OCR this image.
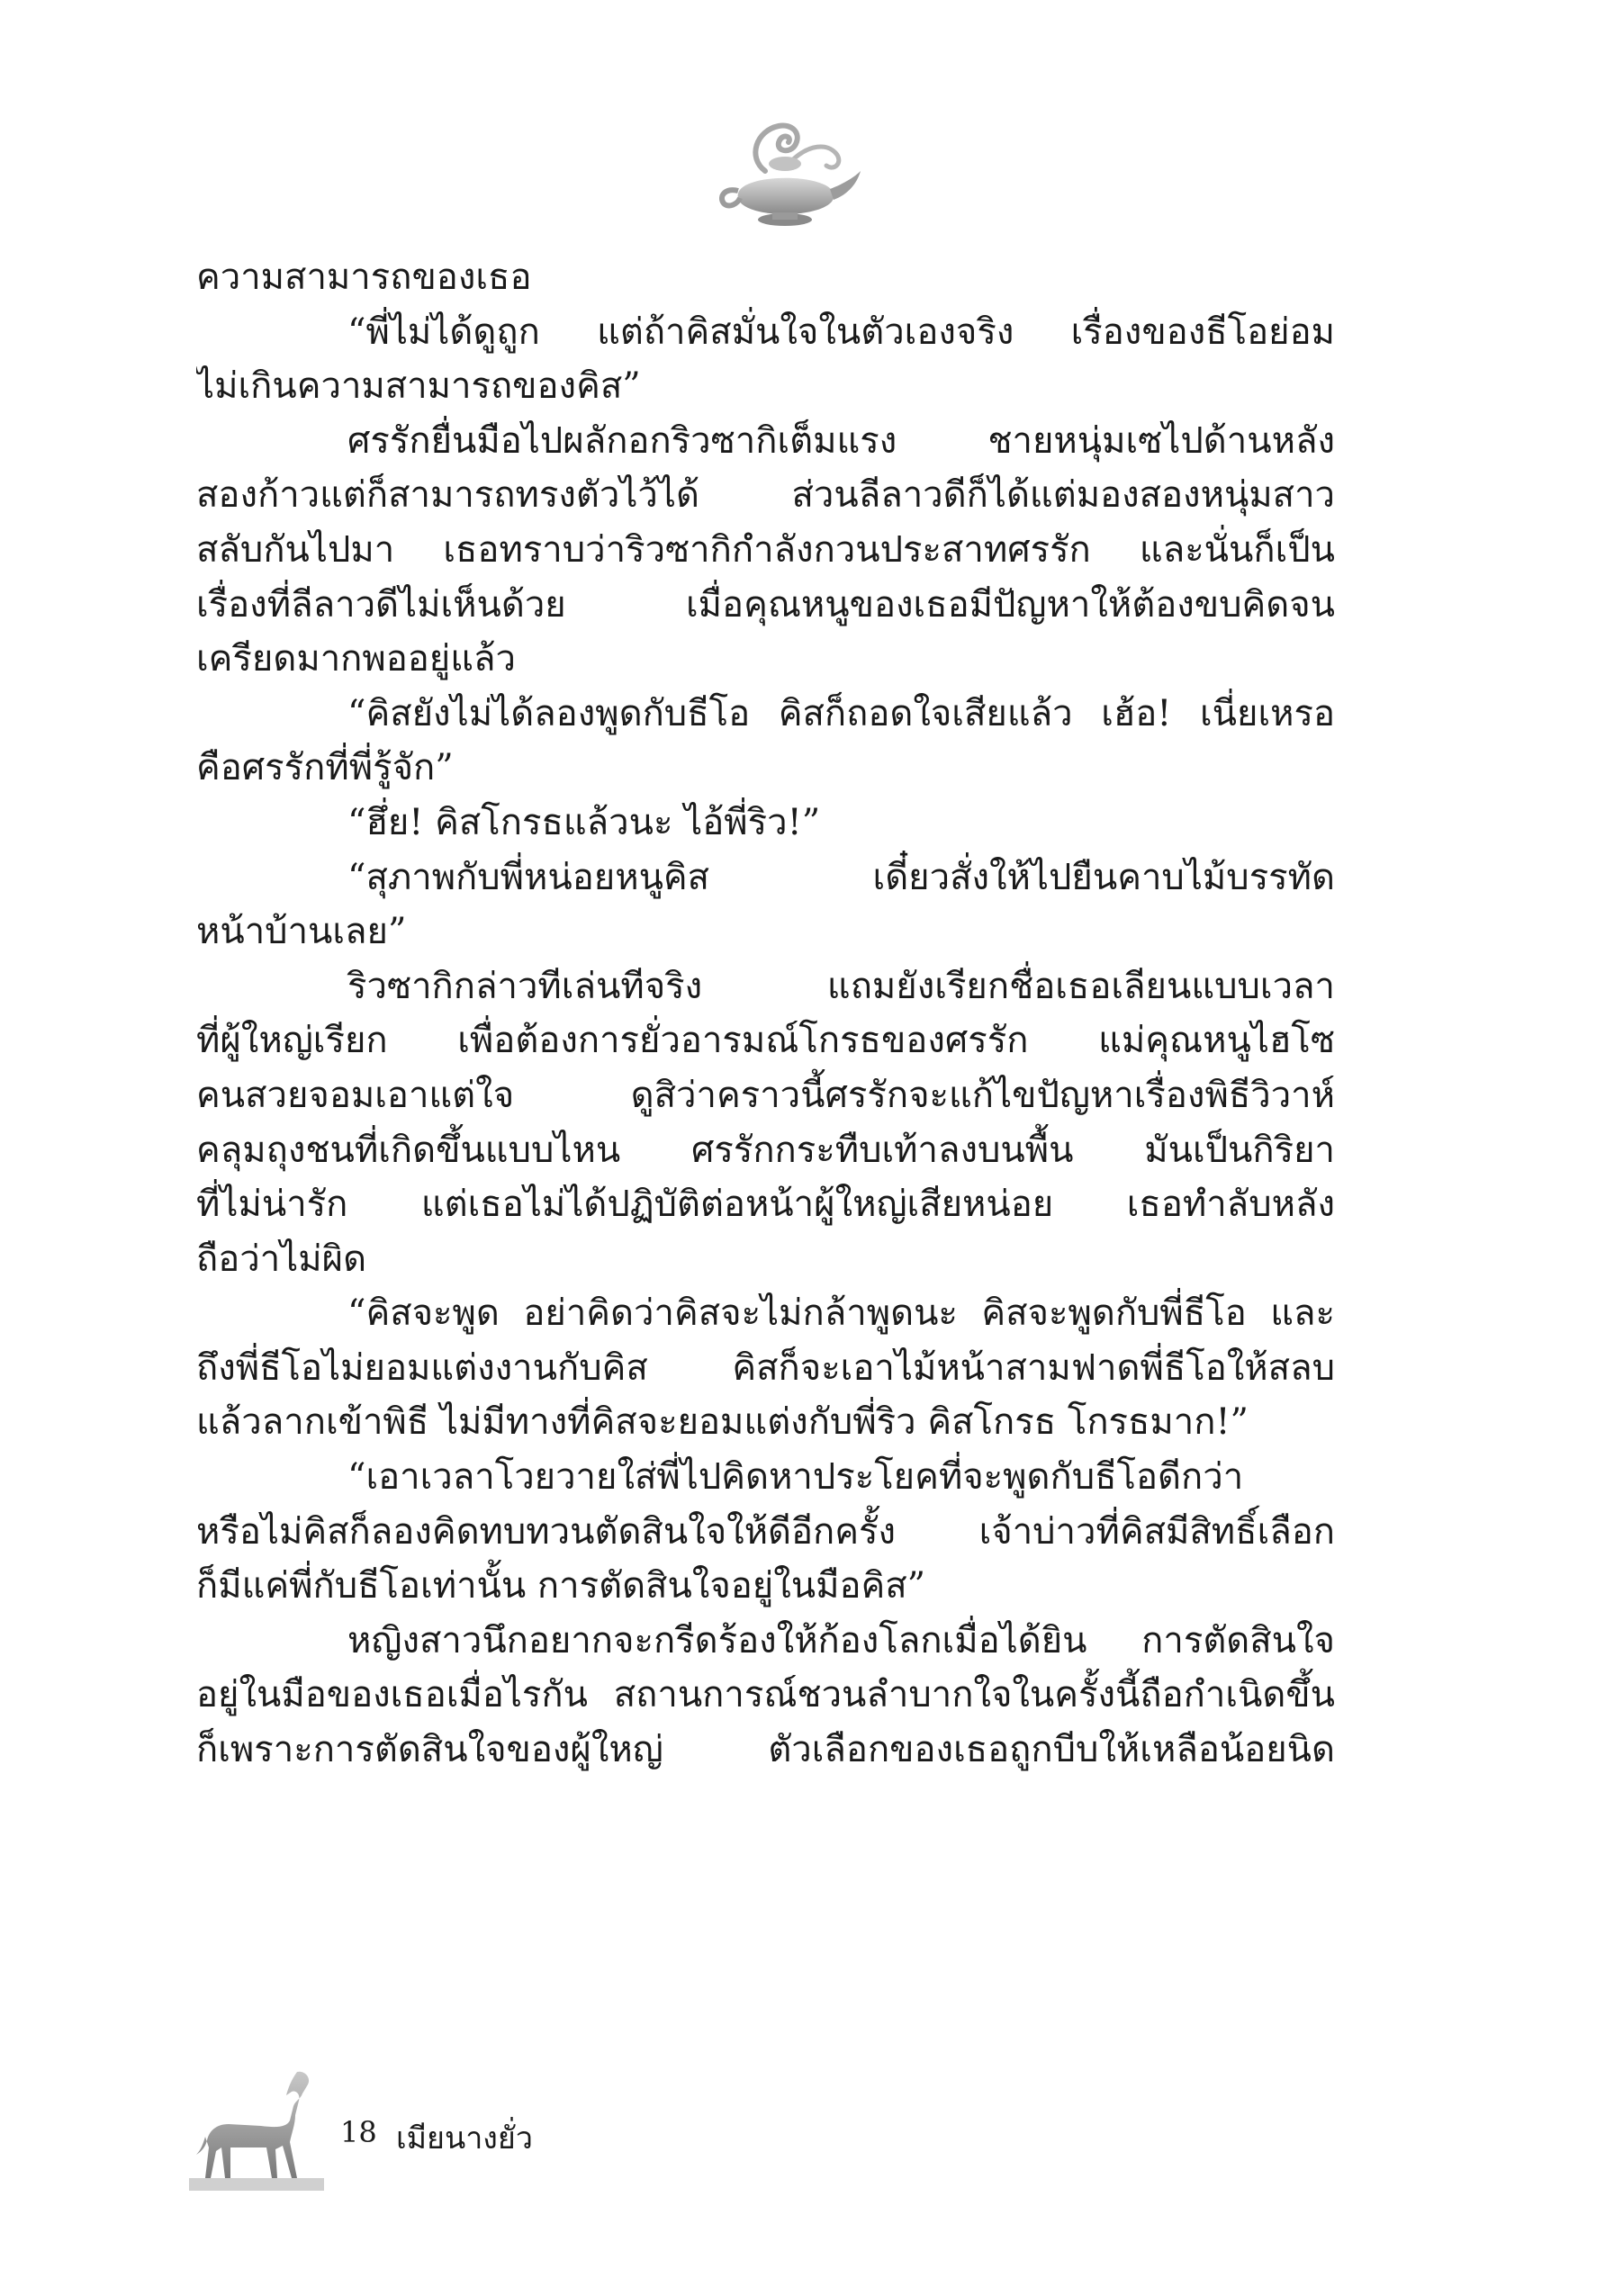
ความสามารถของเธอ
“พี่ไม่ได้ดูถูก แต่ถ้าคิสมั่นใจในตัวเองจริง เรื่องของธีโอย่อม
ไม่เกินความสามารถของคิส”
ศรรักยื่นมือไปผลักอกริวซากิเต็มแรง ชายหนุ่มเซไปด้านหลัง
สองก้าวแต่ก็สามารถทรงตัวไว้ได้ ส่วนลีลาวดีก็ได้แต่มองสองหนุ่มสาว
สลับกันไปมา เธอทราบว่าริวซากิกำลังกวนประสาทศรรัก และนั่นก็เป็น
เรื่องที่ลีลาวดีไม่เห็นด้วย เมื่อคุณหนูของเธอมีปัญหาให้ต้องขบคิดจน
เครียดมากพออยู่แล้ว
“คิสยังไม่ได้ลองพูดกับธีโอ คิสก็ถอดใจเสียแล้ว เฮ้อ! เนี่ยเหรอ
คือศรรักที่พี่รู้จัก”
“ฮึ่ย! คิสโกรธแล้วนะ ไอ้พี่ริว!”
“สุภาพกับพี่หน่อยหนูคิส เดี๋ยวสั่งให้ไปยืนคาบไม้บรรทัด
หน้าบ้านเลย”
ริวซากิกล่าวทีเล่นทีจริง แถมยังเรียกชื่อเธอเลียนแบบเวลา
ที่ผู้ใหญ่เรียก เพื่อต้องการยั่วอารมณ์โกรธของศรรัก แม่คุณหนูไฮโซ
คนสวยจอมเอาแต่ใจ ดูสิว่าคราวนี้ศรรักจะแก้ไขปัญหาเรื่องพิธีวิวาห์
คลุมถุงชนที่เกิดขึ้นแบบไหน ศรรักกระทืบเท้าลงบนพื้น มันเป็นกิริยา
ที่ไม่น่ารัก แต่เธอไม่ได้ปฏิบัติต่อหน้าผู้ใหญ่เสียหน่อย เธอทำลับหลัง
ถือว่าไม่ผิด
“คิสจะพูด อย่าคิดว่าคิสจะไม่กล้าพูดนะ คิสจะพูดกับพี่ธีโอ และ
ถึงพี่ธีโอไม่ยอมแต่งงานกับคิส คิสก็จะเอาไม้หน้าสามฟาดพี่ธีโอให้สลบ
แล้วลากเข้าพิธี ไม่มีทางที่คิสจะยอมแต่งกับพี่ริว คิสโกรธ โกรธมาก!”
“เอาเวลาโวยวายใส่พี่ไปคิดหาประโยคที่จะพูดกับธีโอดีกว่า
หรือไม่คิสก็ลองคิดทบทวนตัดสินใจให้ดีอีกครั้ง เจ้าบ่าวที่คิสมีสิทธิ์เลือก
ก็มีแค่พี่กับธีโอเท่านั้น การตัดสินใจอยู่ในมือคิส”
หญิงสาวนึกอยากจะกรีดร้องให้ก้องโลกเมื่อได้ยิน การตัดสินใจ
อยู่ในมือของเธอเมื่อไรกัน สถานการณ์ชวนลำบากใจในครั้งนี้ถือกำเนิดขึ้น
ก็เพราะการตัดสินใจของผู้ใหญ่ ตัวเลือกของเธอถูกบีบให้เหลือน้อยนิด
18 เมียนางยั่ว
